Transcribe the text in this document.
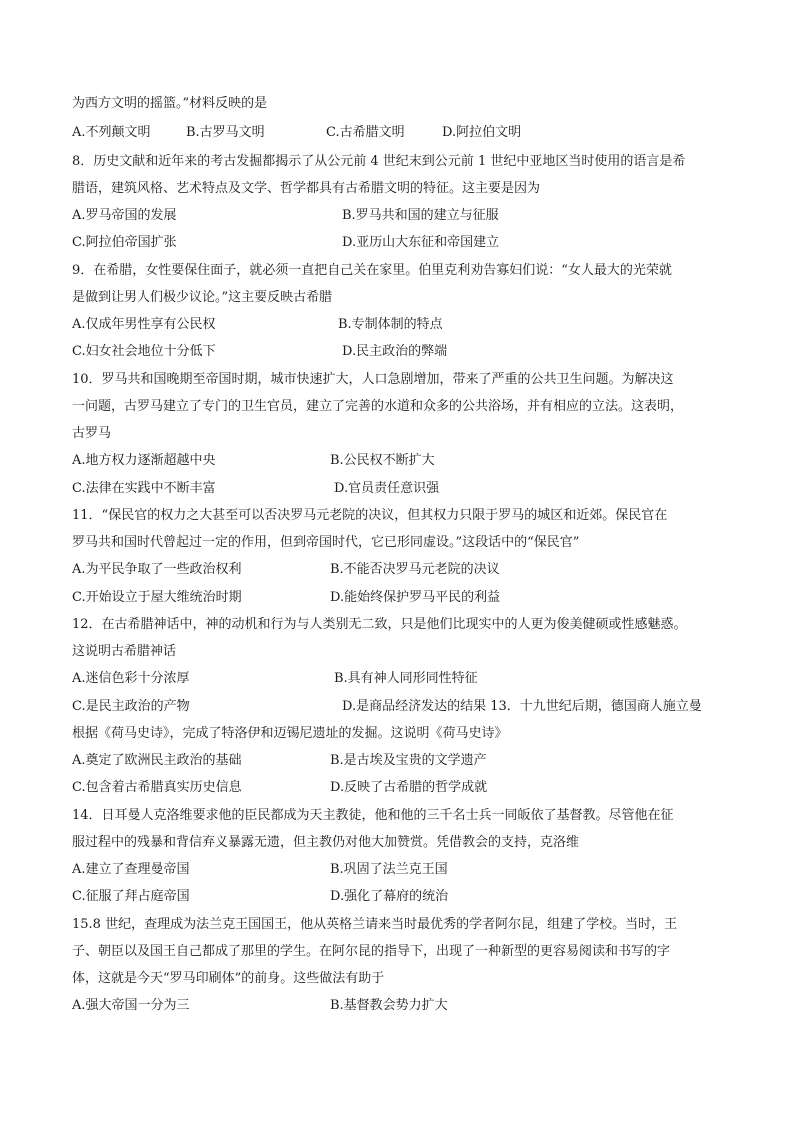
为西方文明的摇篮。”材料反映的是
A.不列颠文明	B.古罗马文明	C.古希腊文明	D.阿拉伯文明
8．历史文献和近年来的考古发掘都揭示了从公元前 4 世纪末到公元前 1 世纪中亚地区当时使用的语言是希
腊语，建筑风格、艺术特点及文学、哲学都具有古希腊文明的特征。这主要是因为
A.罗马帝国的发展	B.罗马共和国的建立与征服
C.阿拉伯帝国扩张	D.亚历山大东征和帝国建立
9．在希腊，女性要保住面子，就必须一直把自己关在家里。伯里克利劝告寡妇们说：“女人最大的光荣就
是做到让男人们极少议论。”这主要反映古希腊
A.仅成年男性享有公民权	B.专制体制的特点
C.妇女社会地位十分低下	D.民主政治的弊端
10．罗马共和国晚期至帝国时期，城市快速扩大，人口急剧增加，带来了严重的公共卫生问题。为解决这
一问题，古罗马建立了专门的卫生官员，建立了完善的水道和众多的公共浴场，并有相应的立法。这表明，
古罗马
A.地方权力逐渐超越中央	B.公民权不断扩大
C.法律在实践中不断丰富	D.官员责任意识强
11．“保民官的权力之大甚至可以否决罗马元老院的决议，但其权力只限于罗马的城区和近郊。保民官在
罗马共和国时代曾起过一定的作用，但到帝国时代，它已形同虚设。”这段话中的“保民官”
A.为平民争取了一些政治权利	B.不能否决罗马元老院的决议
C.开始设立于屋大维统治时期	D.能始终保护罗马平民的利益
12．在古希腊神话中，神的动机和行为与人类别无二致，只是他们比现实中的人更为俊美健硕或性感魅惑。
这说明古希腊神话
A.迷信色彩十分浓厚	B.具有神人同形同性特征
C.是民主政治的产物	D.是商品经济发达的结果 13．十九世纪后期，德国商人施立曼
根据《荷马史诗》，完成了特洛伊和迈锡尼遗址的发掘。这说明《荷马史诗》
A.奠定了欧洲民主政治的基础	B.是古埃及宝贵的文学遗产
C.包含着古希腊真实历史信息	D.反映了古希腊的哲学成就
14．日耳曼人克洛维要求他的臣民都成为天主教徒，他和他的三千名士兵一同皈依了基督教。尽管他在征
服过程中的残暴和背信弃义暴露无遗，但主教仍对他大加赞赏。凭借教会的支持，克洛维
A.建立了查理曼帝国	B.巩固了法兰克王国
C.征服了拜占庭帝国	D.强化了幕府的统治
15.8 世纪，查理成为法兰克王国国王，他从英格兰请来当时最优秀的学者阿尔昆，组建了学校。当时，王
子、朝臣以及国王自己都成了那里的学生。在阿尔昆的指导下，出现了一种新型的更容易阅读和书写的字
体，这就是今天“罗马印刷体”的前身。这些做法有助于
A.强大帝国一分为三	B.基督教会势力扩大
